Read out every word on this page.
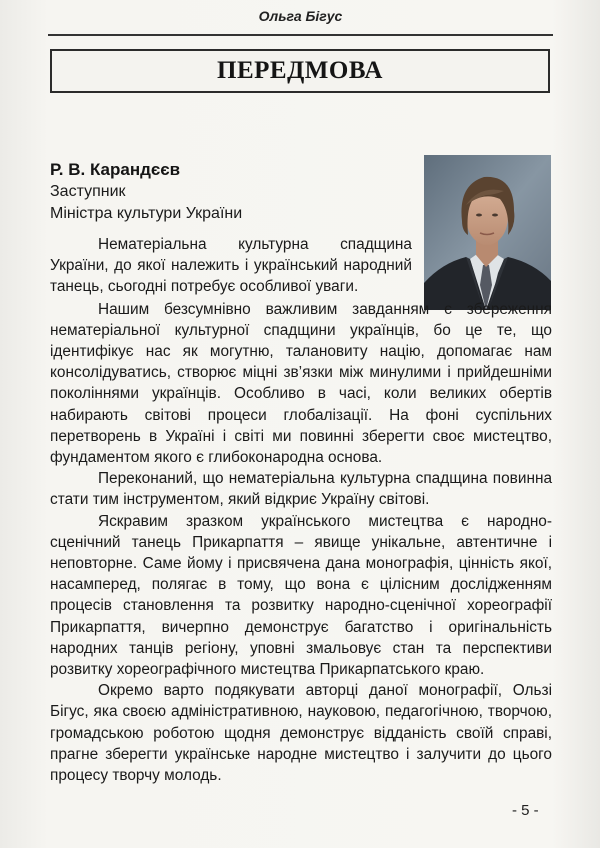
Ольга Бігус
ПЕРЕДМОВА
Р. В. Карандєєв
Заступник
Міністра культури України

Нематеріальна культурна спадщина України, до якої належить і український народний танець, сьогодні потребує особливої уваги.

Нашим безсумнівно важливим завданням є збереження нематеріальної культурної спадщини українців, бо це те, що ідентифікує нас як могутню, талановиту націю, допомагає нам консолідуватись, створює міцні зв’язки між минулими і прийдешніми поколіннями українців. Особливо в часі, коли великих обертів набирають світові процеси глобалізації. На фоні суспільних перетворень в Україні і світі ми повинні зберегти своє мистецтво, фундаментом якого є глибоконародна основа.

Переконаний, що нематеріальна культурна спадщина повинна стати тим інструментом, який відкриє Україну світові.

Яскравим зразком українського мистецтва є народно-сценічний танець Прикарпаття – явище унікальне, автентичне і неповторне. Саме йому і присвячена дана монографія, цінність якої, насамперед, полягає в тому, що вона є цілісним дослідженням процесів становлення та розвитку народно-сценічної хореографії Прикарпаття, вичерпно демонструє багатство і оригінальність народних танців регіону, уповні змальовує стан та перспективи розвитку хореографічного мистецтва Прикарпатського краю.

Окремо варто подякувати авторці даної монографії, Ользі Бігус, яка своєю адміністративною, науковою, педагогічною, творчою, громадською роботою щодня демонструє відданість своїй справі, прагне зберегти українське народне мистецтво і залучити до цього процесу творчу молодь.

- 5 -
